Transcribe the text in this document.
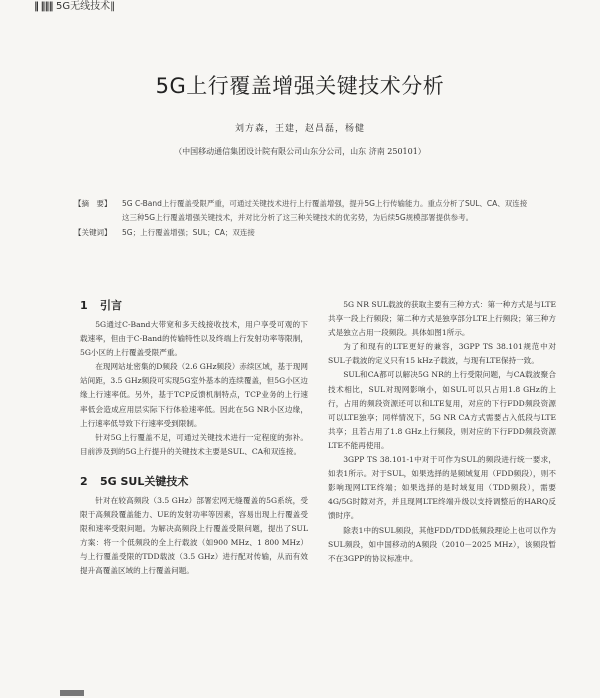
‖ ‖‖‖ 5G无线技术‖
5G上行覆盖增强关键技术分析
刘方森，王建，赵昌磊，杨健
（中国移动通信集团设计院有限公司山东分公司，山东 济南 250101）
【摘　要】	5G C-Band上行覆盖受限严重，可通过关键技术进行上行覆盖增强，提升5G上行传输能力。重点分析了SUL、CA、双连接这三种5G上行覆盖增强关键技术，并对比分析了这三种关键技术的优劣势，为后续5G规模部署提供参考。
【关键词】	5G；上行覆盖增强；SUL；CA；双连接
1 引言

5G通过C-Band大带宽和多天线接收技术，用户享受可观的下载速率，但由于C-Band的传输特性以及终端上行发射功率等限制，5G小区的上行覆盖受限严重。

在现网站址密集的D频段（2.6 GHz频段）赤续区域，基于现网站间距，3.5 GHz频段可实现5G室外基本的连续覆盖，但5G小区边缘上行速率低。另外，基于TCP反馈机制特点，TCP业务的上行速率低会造成应用层实际下行体验速率低。因此在5G NR小区边缘，上行速率低导致下行速率受到限制。

针对5G上行覆盖不足，可通过关键技术进行一定程度的弥补。目前涉及到的5G上行提升的关键技术主要是SUL、CA和双连接。

2 5G SUL关键技术

针对在较高频段（3.5 GHz）部署宏网无缝覆盖的5G系统，受限于高频段覆盖能力、UE的发射功率等因素，容易出现上行覆盖受限和速率受限问题。为解决高频段上行覆盖受限问题，提出了SUL方案：将一个低频段的全上行载波（如900 MHz、1 800 MHz）与上行覆盖受限的TDD载波（3.5 GHz）进行配对传输，从而有效提升高覆盖区域的上行覆盖问题。

5G NR SUL载波的获取主要有三种方式：第一种方式是与LTE共享一段上行频段；第二种方式是独享部分LTE上行频段；第三种方式是独立占用一段频段。具体如图1所示。

为了和现有的LTE更好的兼容，3GPP TS 38.101规范中对SUL子载波的定义只有15 kHz子载波，与现有LTE保持一致。

SUL和CA都可以解决5G NR的上行受限问题，与CA载波聚合技术相比，SUL对现网影响小，如SUL可以只占用1.8 GHz的上行，占用的频段资源还可以和LTE复用，对应的下行FDD频段资源可以LTE独享；同样情况下，5G NR CA方式需要占入低段与LTE共享；且若占用了1.8 GHz上行频段，则对应的下行FDD频段资源LTE不能再使用。

3GPP TS 38.101-1中对于可作为SUL的频段进行统一要求，如表1所示。对于SUL，如果选择的是频域复用（FDD频段），则不影响现网LTE终端；如果选择的是时域复用（TDD频段），需要4G/5G时隙对齐，并且现网LTE终端升级以支持调整后的HARQ反馈时序。

除表1中的SUL频段，其他FDD/TDD低频段理论上也可以作为SUL频段，如中国移动的A频段（2010－2025 MHz），该频段暂不在3GPP的协议标准中。
